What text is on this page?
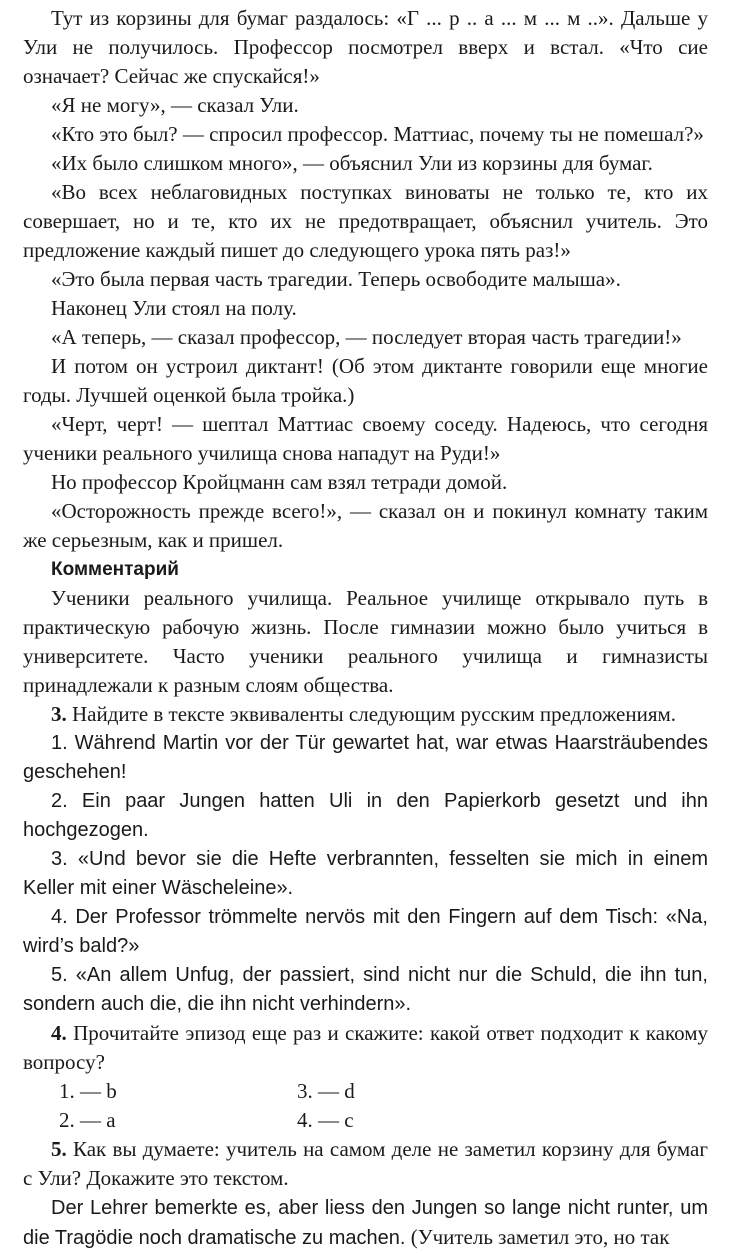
Тут из корзины для бумаг раздалось: «Г ... р .. а ... м ... м ..». Дальше у Ули не получилось. Профессор посмотрел вверх и встал. «Что сие означает? Сейчас же спускайся!»

«Я не могу», — сказал Ули.

«Кто это был? — спросил профессор. Маттиас, почему ты не помешал?»

«Их было слишком много», — объяснил Ули из корзины для бумаг.

«Во всех неблаговидных поступках виноваты не только те, кто их совершает, но и те, кто их не предотвращает, объяснил учитель. Это предложение каждый пишет до следующего урока пять раз!»

«Это была первая часть трагедии. Теперь освободите малыша».

Наконец Ули стоял на полу.

«А теперь, — сказал профессор, — последует вторая часть трагедии!»

И потом он устроил диктант! (Об этом диктанте говорили еще многие годы. Лучшей оценкой была тройка.)

«Черт, черт! — шептал Маттиас своему соседу. Надеюсь, что сегодня ученики реального училища снова нападут на Руди!»

Но профессор Кройцманн сам взял тетради домой.

«Осторожность прежде всего!», — сказал он и покинул комнату таким же серьезным, как и пришел.

Комментарий

Ученики реального училища. Реальное училище открывало путь в практическую рабочую жизнь. После гимназии можно было учиться в университете. Часто ученики реального училища и гимназисты принадлежали к разным слоям общества.

3. Найдите в тексте эквиваленты следующим русским предложениям.

1. Während Martin vor der Tür gewartet hat, war etwas Haarsträubendes geschehen!

2. Ein paar Jungen hatten Uli in den Papierkorb gesetzt und ihn hochgezogen.

3. «Und bevor sie die Hefte verbrannten, fesselten sie mich in einem Keller mit einer Wäscheleine».

4. Der Professor trömmelte nervös mit den Fingern auf dem Tisch: «Na, wird’s bald?»

5. «An allem Unfug, der passiert, sind nicht nur die Schuld, die ihn tun, sondern auch die, die ihn nicht verhindern».

4. Прочитайте эпизод еще раз и скажите: какой ответ подходит к какому вопросу?

1. — b	3. — d
2. — a	4. — c

5. Как вы думаете: учитель на самом деле не заметил корзину для бумаг с Ули? Докажите это текстом.

Der Lehrer bemerkte es, aber liess den Jungen so lange nicht runter, um die Tragödie noch dramatische zu machen. (Учитель заметил это, но так
